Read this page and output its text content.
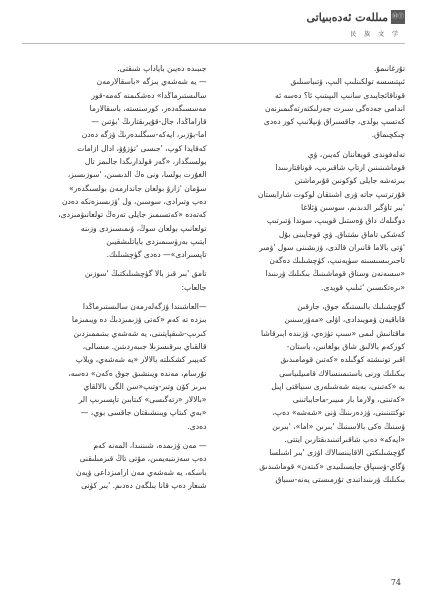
ⓂⓉ
مىللەت ئەدەبىياتى
民 族 文 学

تۇرغانىمۇ.
ئىپتىسسە تولكىنلىپ الىپ، ۋتىباسىلىق
قوناقائجايىدى سانىپ الىپىتىپ ئا؟ دەسە ئە
اندامى جەدەگى سىرت جەرلىكتەرتەگىمىزنەن
كەتسپ بولدى، جاقسىراق ۋىيلانىپ كور دەدى
چىكچىماق.

تەلەفوندى قويغاننان كەيىن، ۋې
قوماشىنىنىن ارتاپ شاقىرىپ، قوناقتارىىىدا
بىرتەشە جايلى كوكونىن قۇىرماشتن
قۇرترتىپ جاتە ۋرى اشىتقان لوكوت شارابستان
'بىر تاۋگىر الدىدىم، سوسىن ۋئلاغا
دوگىلەك داق ۋەستىل قويىپ، سوندا ۋتىرتىپ
كەشكى تاماق ىشتىاق. ۋې قوجايىنى بۇل
'ۋتى بالاما قانىران قالدى، ۋزىشىنى سول 'ۋمىر
تاجىربىسىسىنە سۈيەنىپ، كۈچشىلىك دەگەن
«سسەنەن وسناق قوماشىنىڭ بىكىلىك ۋرىنىدا
«ىرەتكىسىن 'ئىلىپ قويدى.

گۇچشىلىك بالىستىگە جوق، جارقىن
قاباقيەن ۋمويىدادى، اۋلى «مەۋرسىنىن
ماقتانىش لىمى «سىپ تۈزەي، ۋزىندە ابىرقاشا
كوركەم بالالىق شاق بولغانىن، باستان-
اقىر تونىشتە كوگىلدە «كەتىن قومامىدىق
بىكىلىك ورنى باستىمىنسالاك قامىيلىباسى
بە «كەتىنى، بەينە شەشىلەرى سىياقتى اپىل
«كەتىنى، ولارما بار مىيىر-ماحابباتىنى
توكتتىنىنى، ۋزدەرىنىڭ ۋنى «شەشە» دەپ،
ۋسنىڭ ەكى بالاسىنىڭ 'بىرىن «اما»، 'بىرىن
«ايەكە» دەپ شاقىراتىنىدىقتارىن ايتتى.
گۇچشىلىكتى الاقايىنسالاك اۋزى 'بىر اشىلسا
ۋگاي-ۋسىپاق جايسىلىيدى «كىتەن» قوماشىدىق
بىكىلىك ۋرىنىداتىدى تۇرمىستى يەنە-سىباق

جىبىدە دەيىن باياداپ شىقتى.
— يە شەشەي بىزگە «باسقالارمەن
سالىستىرماڭدا» دەشكىمنە كەمە-قور
مەسسىگەدەر، كورسنستە، باسقالارما
قاراماڭدا، جال-قۇيرىقتارىڭ 'بۈتىن —
اما-بۆزىر، ايەكە-سىگلىدەرىڭ ۋزگە دەدن
كەقايدا كوپ، 'جىسى 'تۈزۇۋ، ادال ازامات
بولسىگدار، «گەر قولدارىگدا جالىمز تال
الغۇرت بولسا، ونى ەڭ الدىسىن، 'سوزىسىز،
سۆمان 'زارۋ بولعان جاندارمەن بولسىگدەر»
دەپ وتىرادى، سوسىن، ول 'ۋزىسىزەنكە دەدن
كەتەدە «كەتسىمىز جايلى تەرەڭ تولعانىۋمىزدى،
تولعانىپ بولعان سوڭ، ۋىمىسىزدى وزىنە
ايتىپ بەرۈسىمىزدى باياتلىشقيىن
تاپسىرادى»— دەدى گۈچشىلىك.

تامق 'بىر قىز بالا گۈچشىلىكتىڭ 'سوزىن
جالعاپ:

—العاشىندا ۋزگەلەرمەن سالىستىرماڭدا
بىزدە تە كەم «كەتى ۋزىمىزدىڭ دە ويىمىزما
كىرىپ-شىقپايتىنى، يە شەشەي بىتىممىزدىن
قالقىاي بىرقىسزىلا جىبەردىتىن. مىسالى،
كەيبىر كشكىلتە بالالار «يە شەشەي، ويلاپ
تۇرسام، مەندە ويىنشىق جوق ەكەن» دەسە،
بىرىز كۆن وتىر-وتىپ«سن الگى بالالقاي
«بالالار «رتەگىسى» كىتابىن تاپسىرىپ الر
«بەي كىتاپ ويىنشىقتان جاقسى بوي، —
دەدى.

— مەن ۋزىمدە، شىننىدا، المەنە كەم
دەپ سەزىنبەيمىن، مۆتى تاڭ قىزمىلىقنى
باسكە، يە شەشەي مەن ارامىزداعى ۋيەن
شىعار دەپ قانا بىلگەن دەدىم. 'بىر كۈنى

74
